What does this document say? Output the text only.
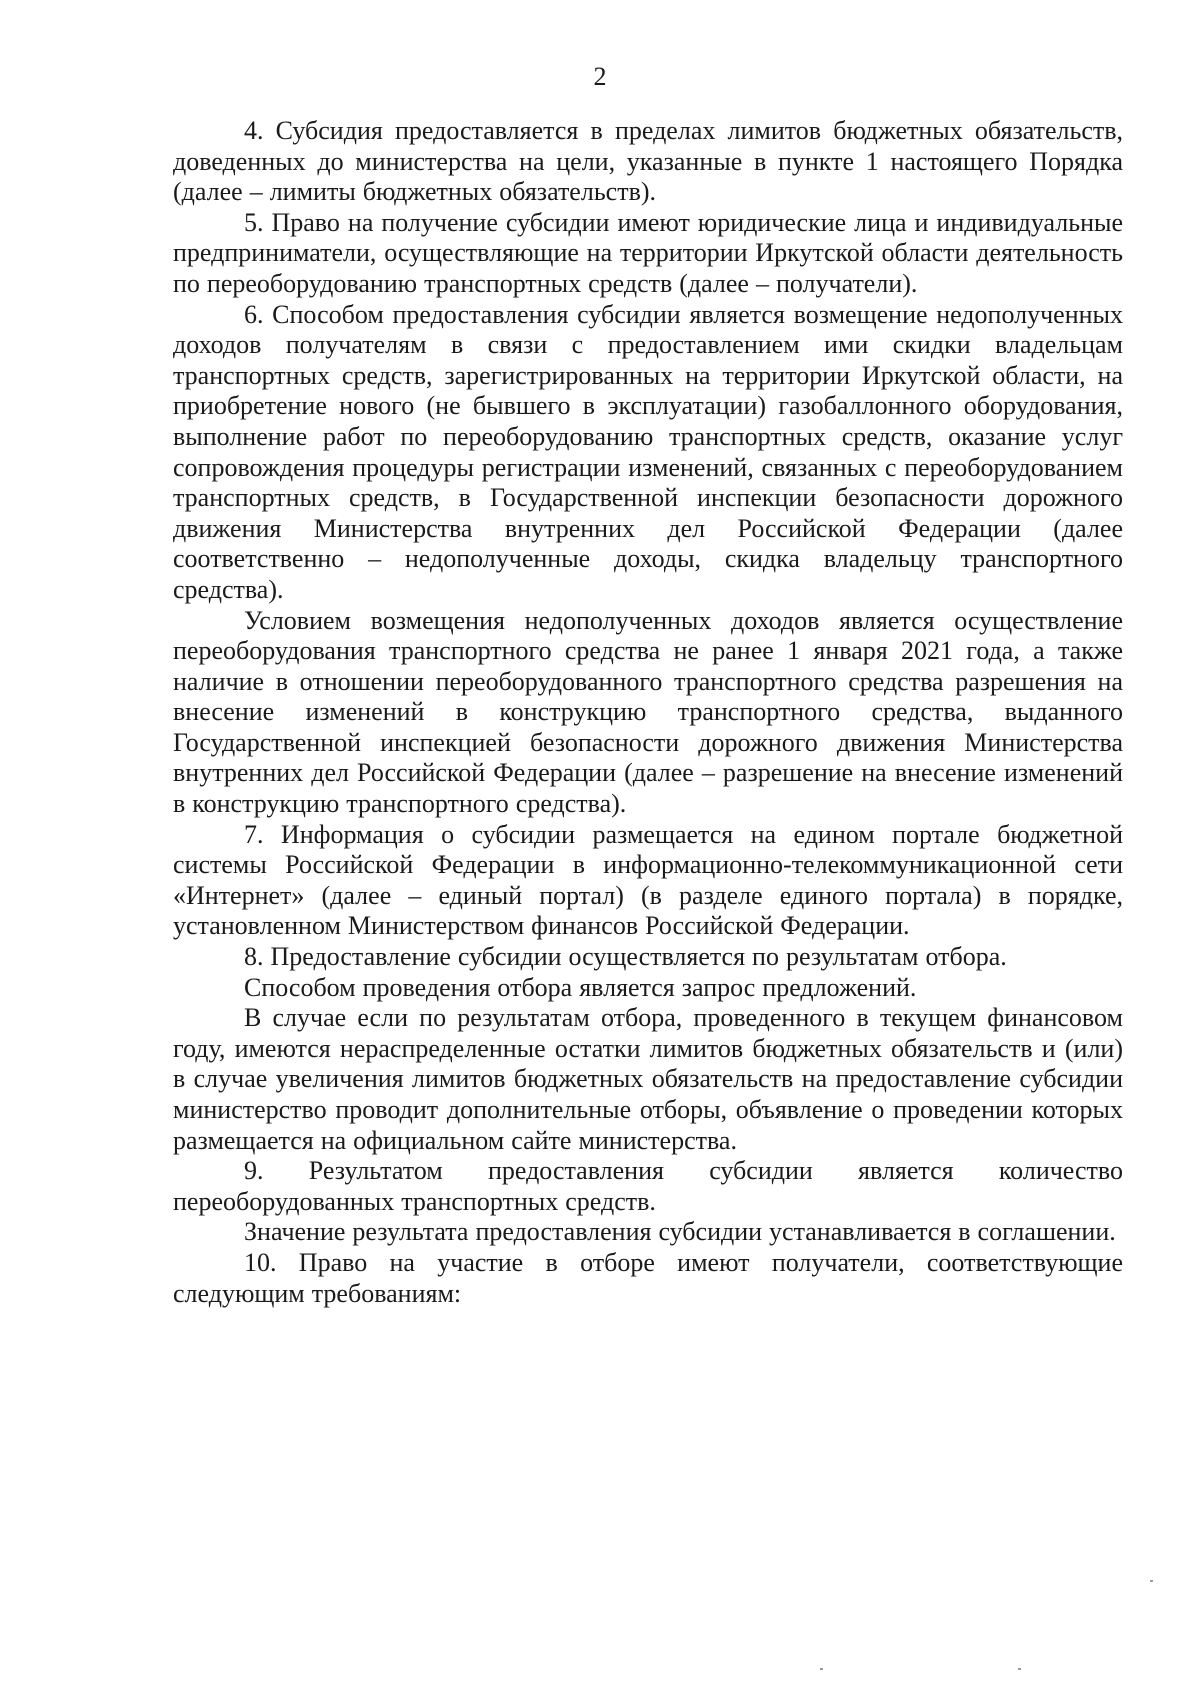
2

4. Субсидия предоставляется в пределах лимитов бюджетных обязательств, доведенных до министерства на цели, указанные в пункте 1 настоящего Порядка (далее – лимиты бюджетных обязательств).

5. Право на получение субсидии имеют юридические лица и индивидуальные предприниматели, осуществляющие на территории Иркутской области деятельность по переоборудованию транспортных средств (далее – получатели).

6. Способом предоставления субсидии является возмещение недополученных доходов получателям в связи с предоставлением ими скидки владельцам транспортных средств, зарегистрированных на территории Иркутской области, на приобретение нового (не бывшего в эксплуатации) газобаллонного оборудования, выполнение работ по переоборудованию транспортных средств, оказание услуг сопровождения процедуры регистрации изменений, связанных с переоборудованием транспортных средств, в Государственной инспекции безопасности дорожного движения Министерства внутренних дел Российской Федерации (далее соответственно – недополученные доходы, скидка владельцу транспортного средства).

Условием возмещения недополученных доходов является осуществление переоборудования транспортного средства не ранее 1 января 2021 года, а также наличие в отношении переоборудованного транспортного средства разрешения на внесение изменений в конструкцию транспортного средства, выданного Государственной инспекцией безопасности дорожного движения Министерства внутренних дел Российской Федерации (далее – разрешение на внесение изменений в конструкцию транспортного средства).

7. Информация о субсидии размещается на едином портале бюджетной системы Российской Федерации в информационно-телекоммуникационной сети «Интернет» (далее – единый портал) (в разделе единого портала) в порядке, установленном Министерством финансов Российской Федерации.

8. Предоставление субсидии осуществляется по результатам отбора.

Способом проведения отбора является запрос предложений.

В случае если по результатам отбора, проведенного в текущем финансовом году, имеются нераспределенные остатки лимитов бюджетных обязательств и (или) в случае увеличения лимитов бюджетных обязательств на предоставление субсидии министерство проводит дополнительные отборы, объявление о проведении которых размещается на официальном сайте министерства.

9. Результатом предоставления субсидии является количество переоборудованных транспортных средств.

Значение результата предоставления субсидии устанавливается в соглашении.

10. Право на участие в отборе имеют получатели, соответствующие следующим требованиям:
